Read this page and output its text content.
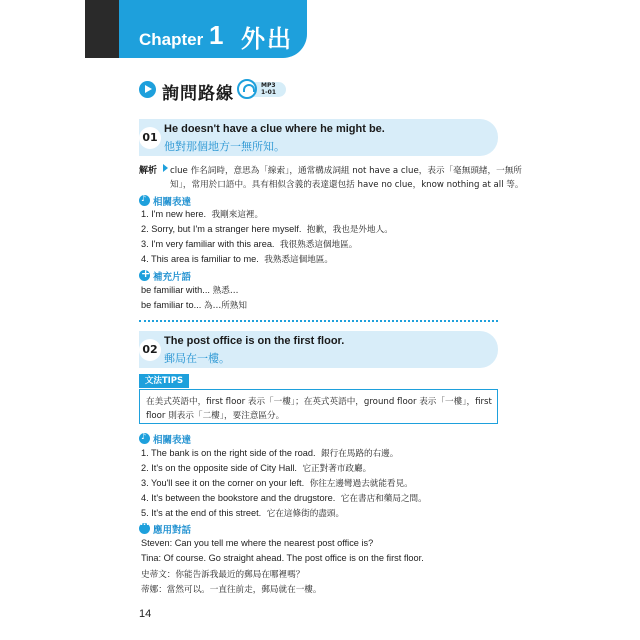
Chapter 1 外出
詢問路線	MP3
1-01
01
He doesn't have a clue where he might be.
他對那個地方一無所知。
解析 clue 作名詞時，意思為「線索」，通常構成詞組 not have a clue，表示「毫無頭緒，一無所
知」，常用於口語中。具有相似含義的表達還包括 have no clue，know nothing at all 等。
♪相關表達
1. I'm new here. 我剛來這裡。
2. Sorry, but I'm a stranger here myself. 抱歉，我也是外地人。
3. I'm very familiar with this area. 我很熟悉這個地區。
4. This area is familiar to me. 我熟悉這個地區。
+補充片語
be familiar with... 熟悉…
be familiar to... 為…所熟知
02
The post office is on the first floor.
郵局在一樓。
文法TIPS
在美式英語中，first floor 表示「一樓」；在英式英語中，ground floor 表示「一樓」，first
floor 則表示「二樓」，要注意區分。
♪相關表達
1. The bank is on the right side of the road. 銀行在馬路的右邊。
2. It's on the opposite side of City Hall. 它正對著市政廳。
3. You'll see it on the corner on your left. 你往左邊彎過去就能看見。
4. It's between the bookstore and the drugstore. 它在書店和藥局之間。
5. It's at the end of this street. 它在這條街的盡頭。
···應用對話
Steven: Can you tell me where the nearest post office is?
Tina: Of course. Go straight ahead. The post office is on the first floor.
史蒂文：你能告訴我最近的郵局在哪裡嗎？
蒂娜：當然可以。一直往前走，郵局就在一樓。
14
